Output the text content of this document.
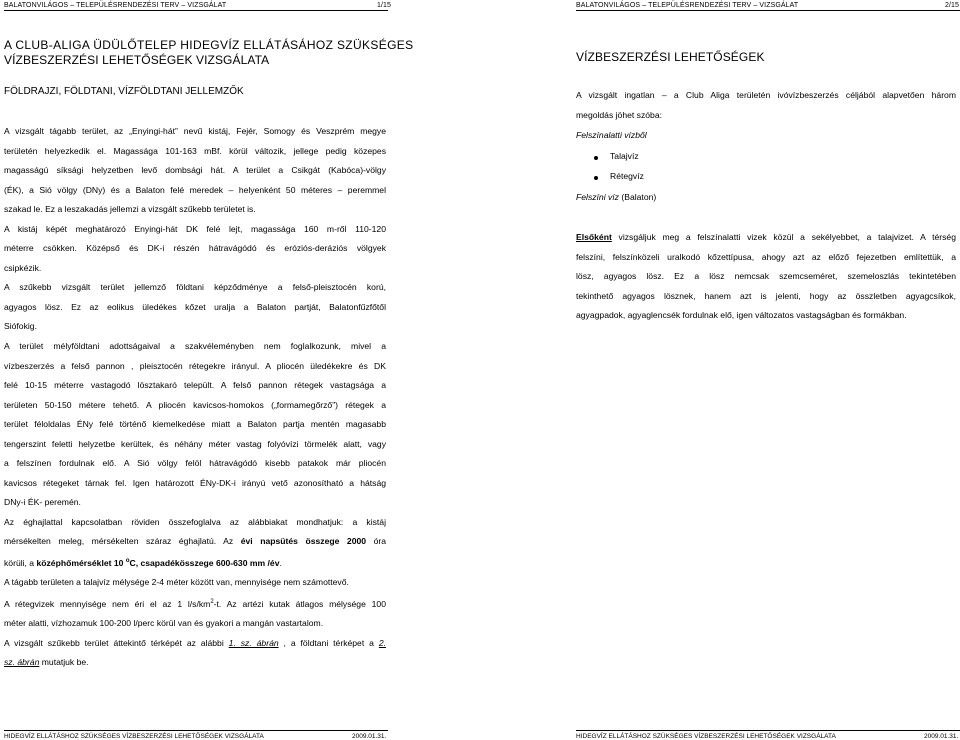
BALATONVILÁGOS – TELEPÜLÉSRENDEZÉSI TERV – VIZSGÁLAT	1/15
A CLUB-ALIGA ÜDÜLŐTELEP HIDEGVÍZ ELLÁTÁSÁHOZ SZÜKSÉGES
VÍZBESZERZÉSI LEHETŐSÉGEK VIZSGÁLATA
FÖLDRAJZI, FÖLDTANI, VÍZFÖLDTANI JELLEMZŐK
A vizsgált tágabb terület, az „Enyingi-hát” nevű kistáj, Fejér, Somogy és Veszprém megye
területén helyezkedik el. Magassága 101-163 mBf. körül változik, jellege pedig közepes
magasságú síksági helyzetben levő dombsági hát. A terület a Csikgát (Kabóca)-völgy
(ÉK), a Sió völgy (DNy) és a Balaton felé meredek – helyenként 50 méteres – peremmel
szakad le. Ez a leszakadás jellemzi a vizsgált szűkebb területet is.
A kistáj képét meghatározó Enyingi-hát DK felé lejt, magassága 160 m-ről 110-120
méterre csökken. Középső és DK-i részén hátravágódó és eróziós-deráziós völgyek
csipkézik.
A szűkebb vizsgált terület jellemző földtani képződménye a felső-pleisztocén korú,
agyagos lösz. Ez az eolikus üledékes kőzet uralja a Balaton partját, Balatonfűzfőtől
Siófokig.
A terület mélyföldtani adottságaival a szakvéleményben nem foglalkozunk, mivel a
vízbeszerzés a felső pannon , pleisztocén rétegekre irányul. A pliocén üledékekre és DK
felé 10-15 méterre vastagodó lösztakaró települt. A felső pannon rétegek vastagsága a
területen 50-150 métere tehető. A pliocén kavicsos-homokos („formamegőrző”) rétegek a
terület féloldalas ÉNy felé történő kiemelkedése miatt a Balaton partja mentén magasabb
tengerszint feletti helyzetbe kerültek, és néhány méter vastag folyóvízi törmelék alatt, vagy
a felszínen fordulnak elő. A Sió völgy felöl hátravágódó kisebb patakok már pliocén
kavicsos rétegeket tárnak fel. Igen határozott ÉNy-DK-i irányú vető azonosítható a hátság
DNy-i ÉK- peremén.
Az éghajlattal kapcsolatban röviden összefoglalva az alábbiakat mondhatjuk: a kistáj
mérsékelten meleg, mérsékelten száraz éghajlatú. Az évi napsütés összege 2000 óra
körüli, a középhőmérséklet 10 $^o$C, csapadékösszege 600-630 mm /év.
A tágabb területen a talajvíz mélysége 2-4 méter között van, mennyisége nem számottevő.
A rétegvizek mennyisége nem éri el az 1 $l/s/km^2-t$. Az artézi kutak átlagos mélysége 100
méter alatti, vízhozamuk 100-200 l/perc körül van és gyakori a mangán vastartalom.
A vizsgált szűkebb terület áttekintő térképét az alábbi 1. sz. ábrán , a földtani térképet a 2.
sz. ábrán mutatjuk be.
HIDEGVÍZ ELLÁTÁSHOZ SZÜKSÉGES VÍZBESZERZÉSI LEHETŐSÉGEK VIZSGÁLATA	2009.01.31.
BALATONVILÁGOS – TELEPÜLÉSRENDEZÉSI TERV – VIZSGÁLAT	2/15
VÍZBESZERZÉSI LEHETŐSÉGEK
A vizsgált ingatlan – a Club Aliga területén ivóvízbeszerzés céljából alapvetően három
megoldás jöhet szóba:
Felszínalatti vízből
Talajvíz
Rétegvíz
Felszíni víz (Balaton)
Elsőként vizsgáljuk meg a felszínalatti vizek közül a sekélyebbet, a talajvizet. A térség
felszíni, felszínközeli uralkodó kőzettípusa, ahogy azt az előző fejezetben említettük, a
lösz, agyagos lösz. Ez a lösz nemcsak szemcseméret, szemeloszlás tekintetében
tekinthető agyagos lösznek, hanem azt is jelenti, hogy az összletben agyagcsíkok,
agyagpadok, agyaglencsék fordulnak elő, igen változatos vastagságban és formákban.
HIDEGVÍZ ELLÁTÁSHOZ SZÜKSÉGES VÍZBESZERZÉSI LEHETŐSÉGEK VIZSGÁLATA	2009.01.31.
